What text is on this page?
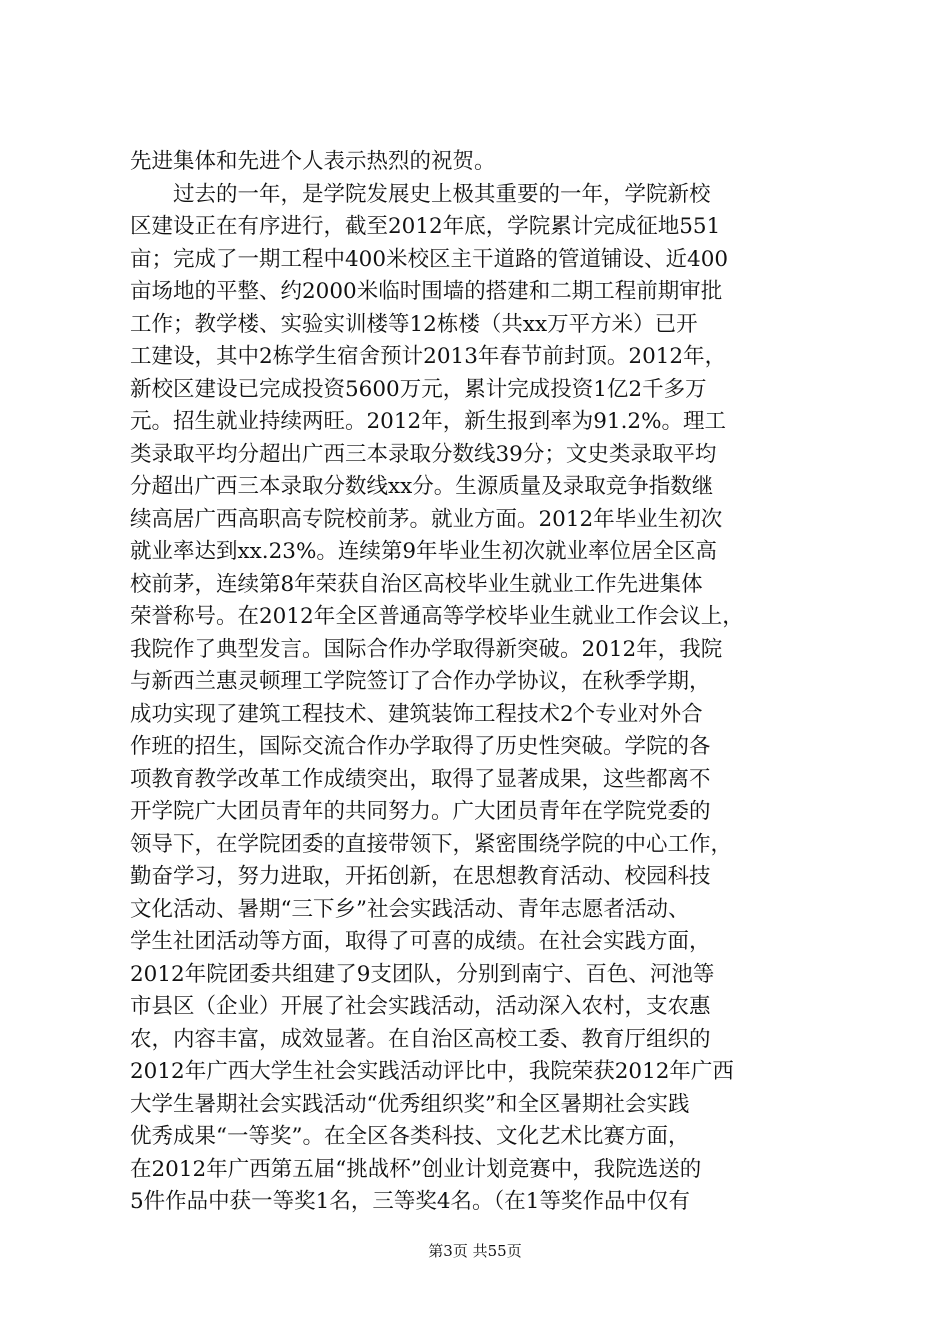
先进集体和先进个人表示热烈的祝贺。
　　过去的一年，是学院发展史上极其重要的一年，学院新校
区建设正在有序进行，截至2012年底，学院累计完成征地551
亩；完成了一期工程中400米校区主干道路的管道铺设、近400
亩场地的平整、约2000米临时围墙的搭建和二期工程前期审批
工作；教学楼、实验实训楼等12栋楼（共xx万平方米）已开
工建设，其中2栋学生宿舍预计2013年春节前封顶。2012年，
新校区建设已完成投资5600万元，累计完成投资1亿2千多万
元。招生就业持续两旺。2012年，新生报到率为91.2%。理工
类录取平均分超出广西三本录取分数线39分；文史类录取平均
分超出广西三本录取分数线xx分。生源质量及录取竞争指数继
续高居广西高职高专院校前茅。就业方面。2012年毕业生初次
就业率达到xx.23%。连续第9年毕业生初次就业率位居全区高
校前茅，连续第8年荣获自治区高校毕业生就业工作先进集体
荣誉称号。在2012年全区普通高等学校毕业生就业工作会议上，
我院作了典型发言。国际合作办学取得新突破。2012年，我院
与新西兰惠灵顿理工学院签订了合作办学协议，在秋季学期，
成功实现了建筑工程技术、建筑装饰工程技术2个专业对外合
作班的招生，国际交流合作办学取得了历史性突破。学院的各
项教育教学改革工作成绩突出，取得了显著成果，这些都离不
开学院广大团员青年的共同努力。广大团员青年在学院党委的
领导下，在学院团委的直接带领下，紧密围绕学院的中心工作，
勤奋学习，努力进取，开拓创新，在思想教育活动、校园科技
文化活动、暑期“三下乡”社会实践活动、青年志愿者活动、
学生社团活动等方面，取得了可喜的成绩。在社会实践方面，
2012年院团委共组建了9支团队，分别到南宁、百色、河池等
市县区（企业）开展了社会实践活动，活动深入农村，支农惠
农，内容丰富，成效显著。在自治区高校工委、教育厅组织的
2012年广西大学生社会实践活动评比中，我院荣获2012年广西
大学生暑期社会实践活动“优秀组织奖”和全区暑期社会实践
优秀成果“一等奖”。在全区各类科技、文化艺术比赛方面，
在2012年广西第五届“挑战杯”创业计划竞赛中，我院选送的
5件作品中获一等奖1名，三等奖4名。（在1等奖作品中仅有
第3页 共55页
